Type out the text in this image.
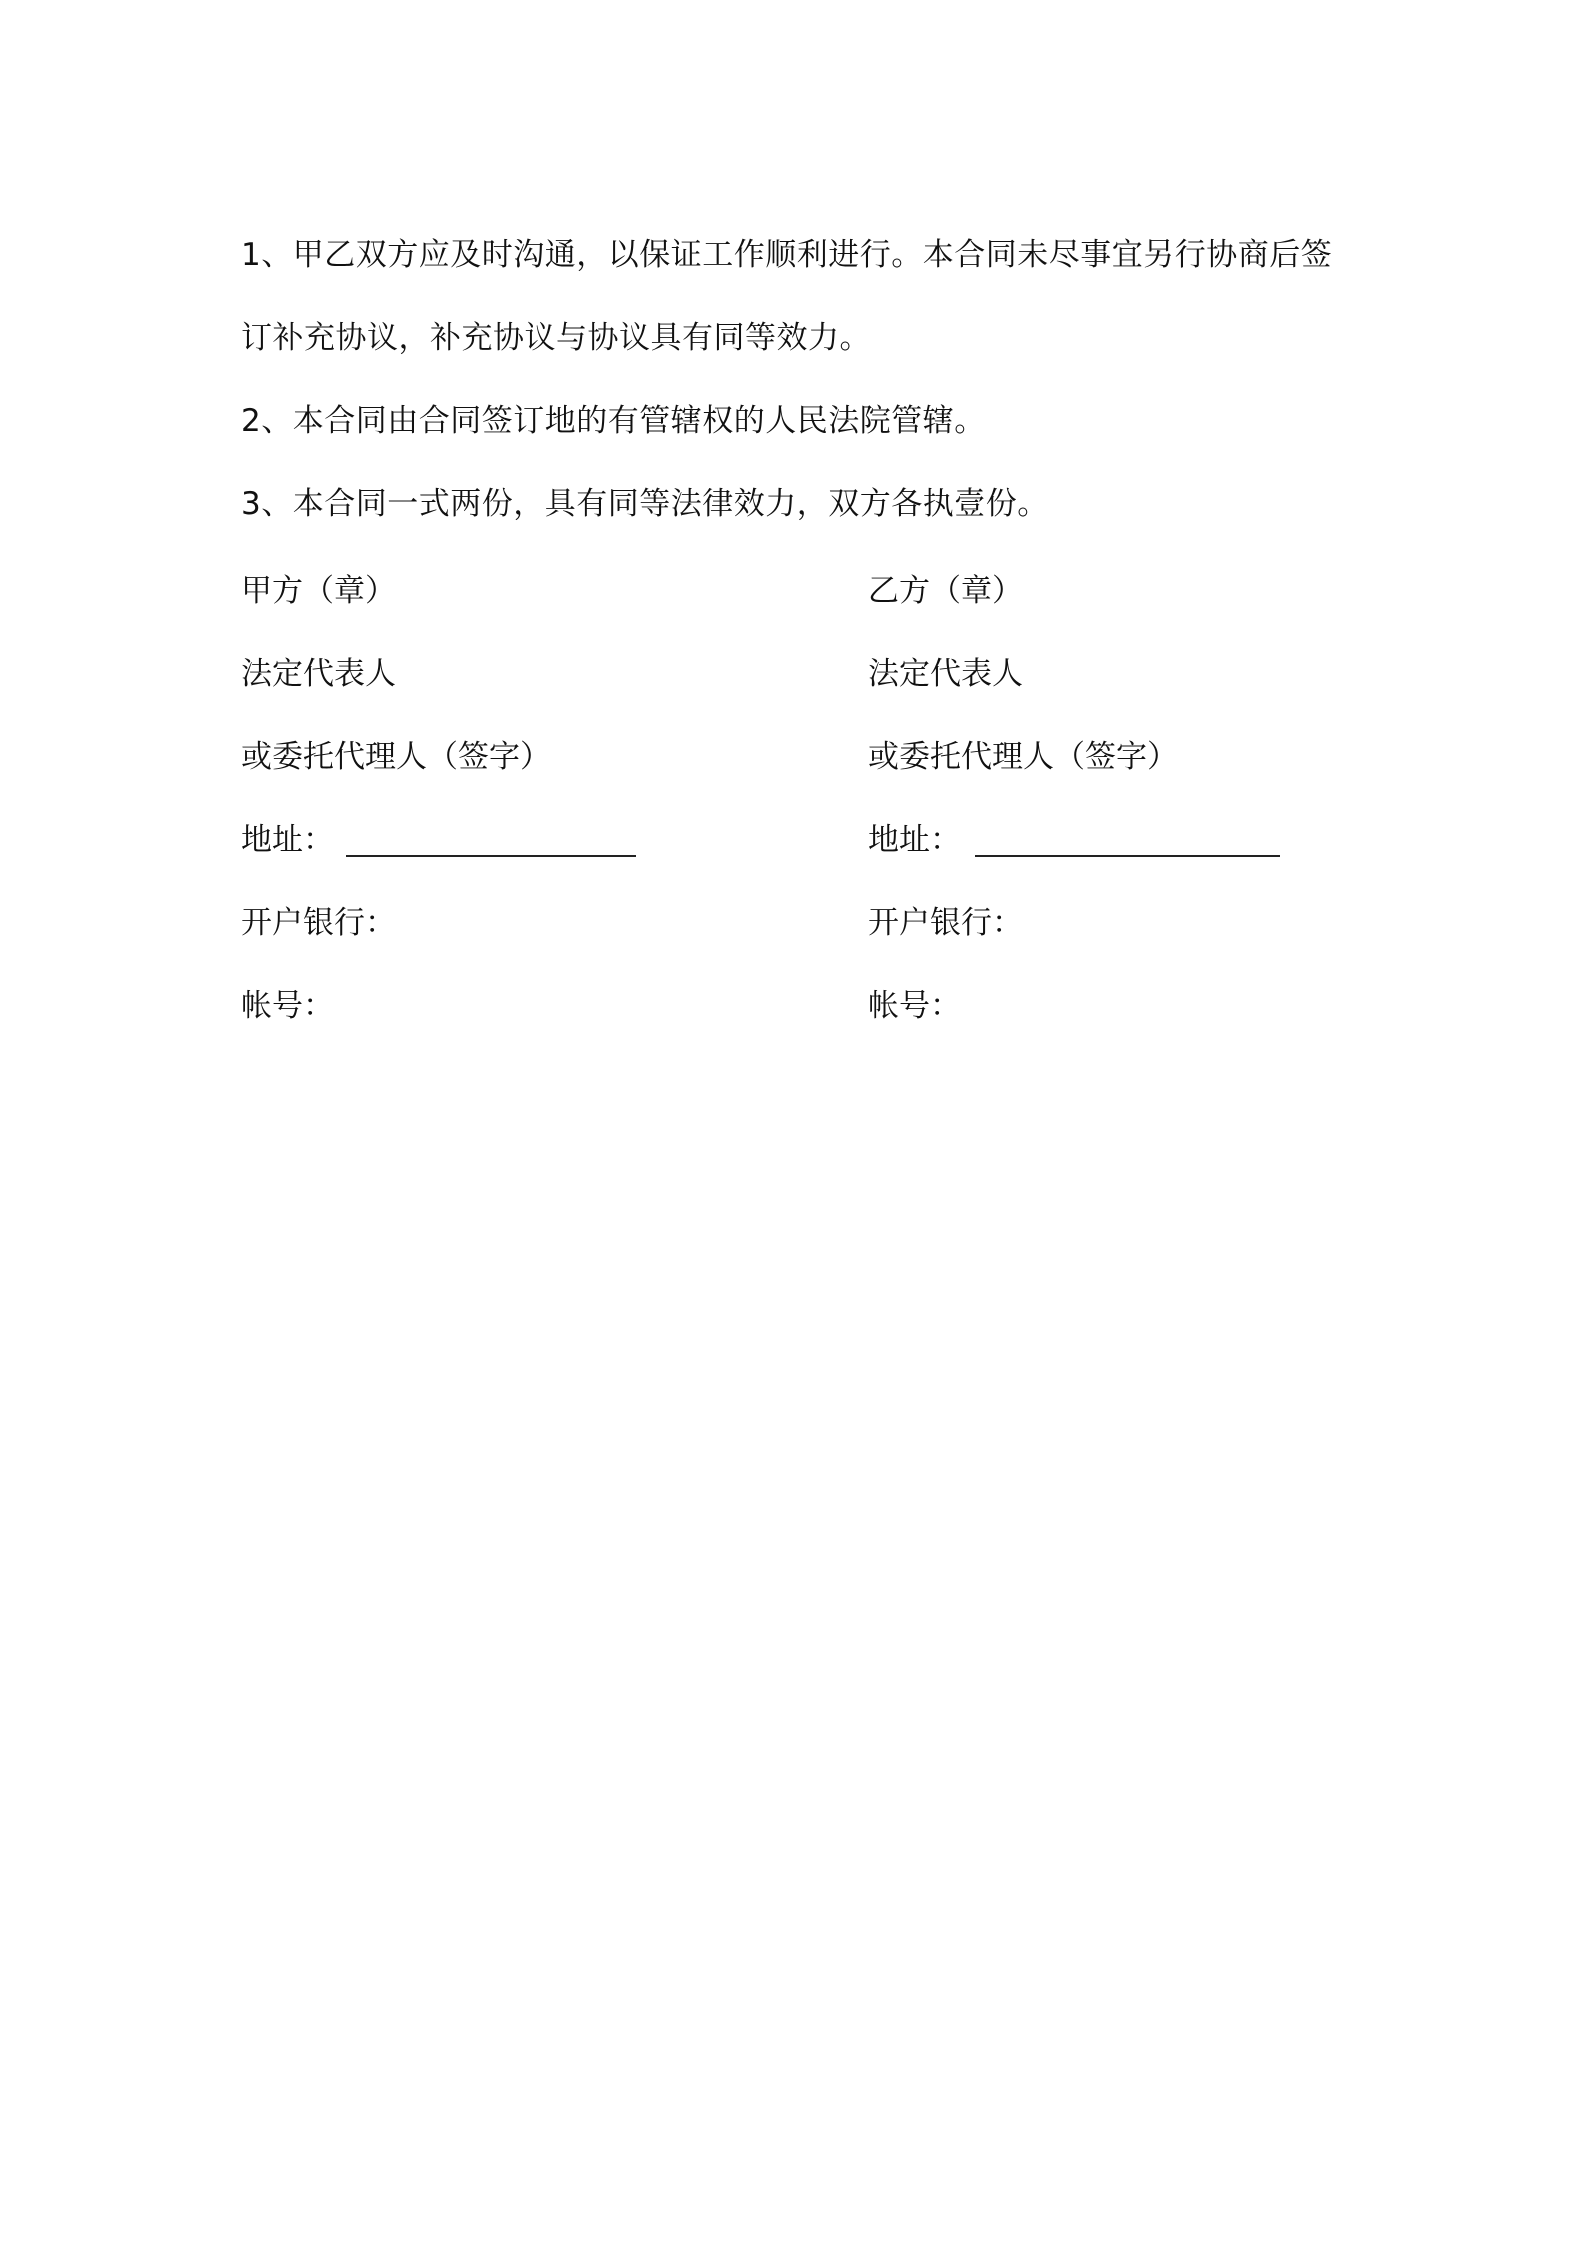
1、甲乙双方应及时沟通，以保证工作顺利进行。本合同未尽事宜另行协商后签

订补充协议，补充协议与协议具有同等效力。

2、本合同由合同签订地的有管辖权的人民法院管辖。

3、本合同一式两份，具有同等法律效力，双方各执壹份。

甲方（章）	乙方（章）
法定代表人	法定代表人
或委托代理人（签字）	或委托代理人（签字）
地址：	地址：
开户银行：	开户银行：
帐号：	帐号：
